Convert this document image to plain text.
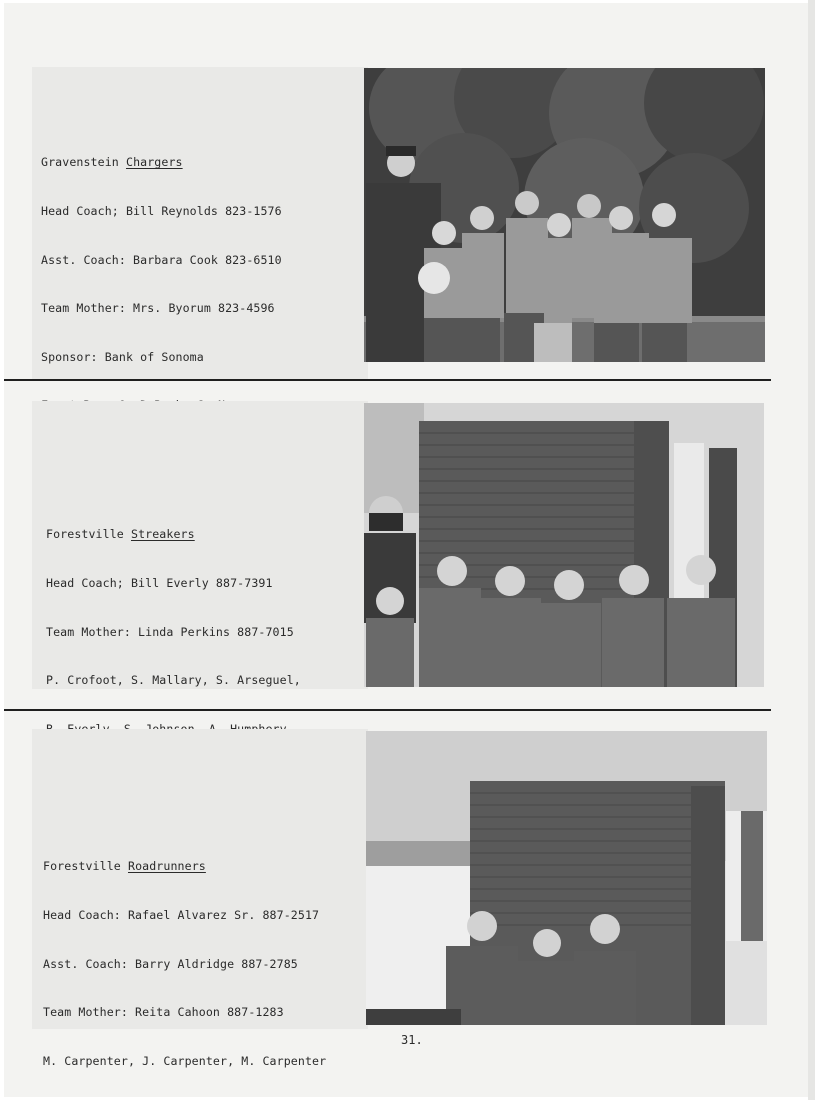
Gravenstein Chargers

Head Coach; Bill Reynolds 823-1576

Asst. Coach: Barbara Cook 823-6510

Team Mother: Mrs. Byorum 823-4596

Sponsor: Bank of Sonoma

Forestville Streakers

Head Coach; Bill Everly 887-7391

Team Mother: Linda Perkins 887-7015

P. Crofoot, S. Mallary, S. Arseguel,

Forestville Roadrunners

Head Coach: Rafael Alvarez Sr. 887-2517

Asst. Coach: Barry Aldridge 887-2785

Team Mother: Reita Cahoon 887-1283

M. Carpenter, J. Carpenter, M. Carpenter

31.
